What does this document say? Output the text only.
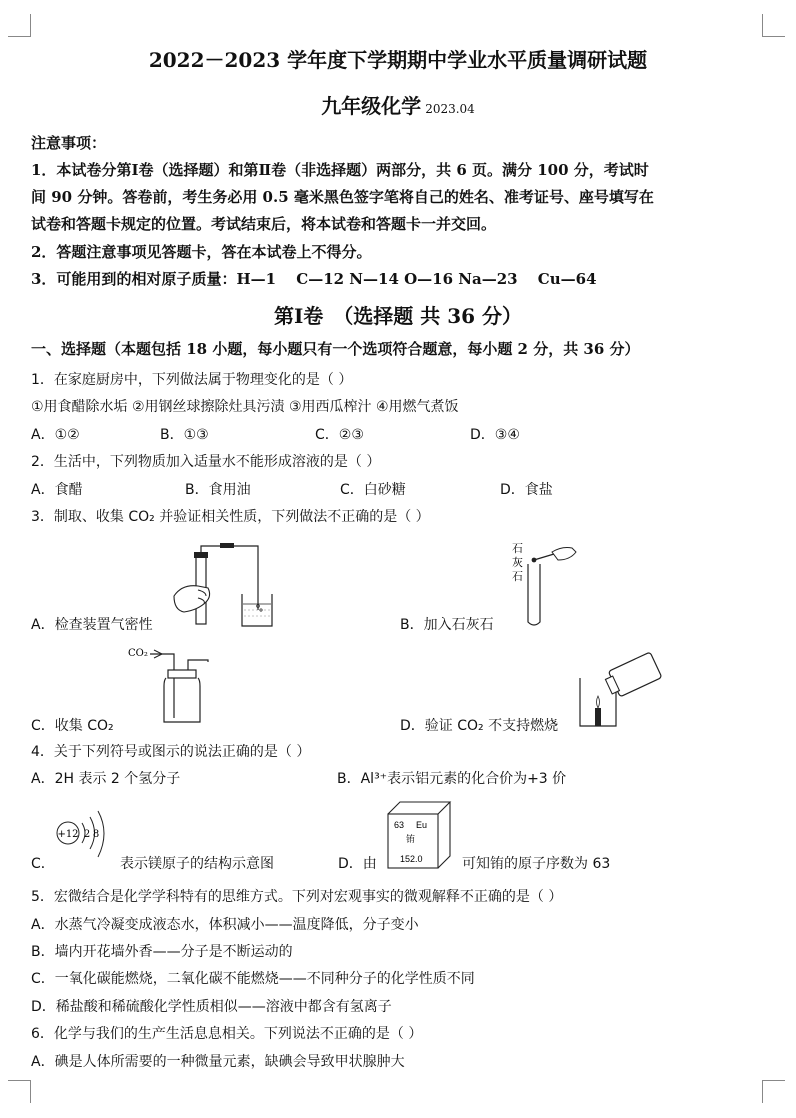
2022－2023 学年度下学期期中学业水平质量调研试题
九年级化学 2023.04
注意事项：
1．本试卷分第Ⅰ卷（选择题）和第Ⅱ卷（非选择题）两部分，共 6 页。满分 100 分，考试时
间 90 分钟。答卷前，考生务必用 0.5 毫米黑色签字笔将自己的姓名、准考证号、座号填写在
试卷和答题卡规定的位置。考试结束后，将本试卷和答题卡一并交回。
2．答题注意事项见答题卡，答在本试卷上不得分。
3．可能用到的相对原子质量：H—1　 C—12 N—14 O—16 Na—23　 Cu—64
第Ⅰ卷　（选择题 共 36 分）
一、选择题（本题包括 18 小题，每小题只有一个选项符合题意，每小题 2 分，共 36 分）
1．在家庭厨房中，下列做法属于物理变化的是（ ）
①用食醋除水垢 ②用钢丝球擦除灶具污渍 ③用西瓜榨汁 ④用燃气煮饭
A．①②	B．①③	C．②③	D．③④
2．生活中，下列物质加入适量水不能形成溶液的是（ ）
A．食醋	B．食用油	C．白砂糖	D．食盐
3．制取、收集 CO₂ 并验证相关性质，下列做法不正确的是（ ）
A．检查装置气密性
石
灰
石
B．加入石灰石
CO₂
C．收集 CO₂	D．验证 CO₂ 不支持燃烧
4．关于下列符号或图示的说法正确的是（ ）
A．2H 表示 2 个氢分子	B．Al³⁺表示铝元素的化合价为+3 价
C．
+12 2 8
表示镁原子的结构示意图	D．由
63 Eu
铕
152.0	可知铕的原子序数为 63
5．宏微结合是化学学科特有的思维方式。下列对宏观事实的微观解释不正确的是（ ）
A．水蒸气冷凝变成液态水，体积减小——温度降低，分子变小
B．墙内开花墙外香——分子是不断运动的
C．一氧化碳能燃烧，二氧化碳不能燃烧——不同种分子的化学性质不同
D．稀盐酸和稀硫酸化学性质相似——溶液中都含有氢离子
6．化学与我们的生产生活息息相关。下列说法不正确的是（ ）
A．碘是人体所需要的一种微量元素，缺碘会导致甲状腺肿大
